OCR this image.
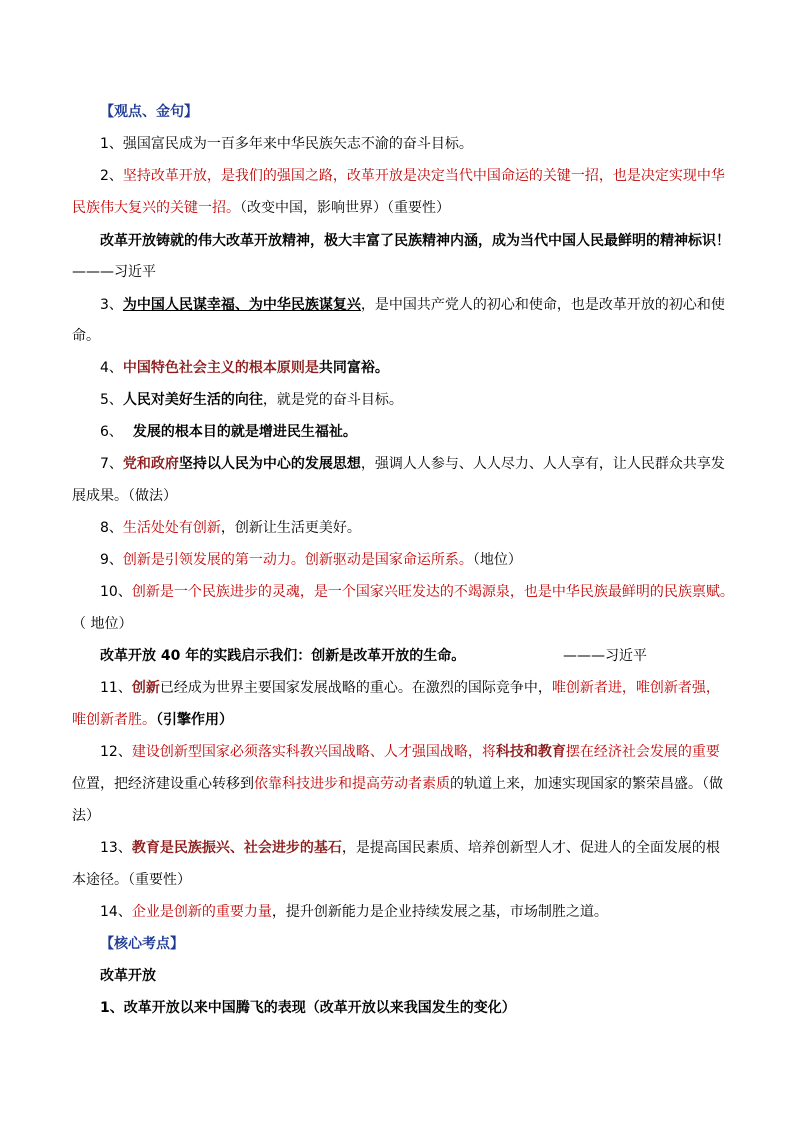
【观点、金句】
1、强国富民成为一百多年来中华民族矢志不渝的奋斗目标。
2、坚持改革开放，是我们的强国之路，改革开放是决定当代中国命运的关键一招，也是决定实现中华
民族伟大复兴的关键一招。（改变中国，影响世界）（重要性）
改革开放铸就的伟大改革开放精神，极大丰富了民族精神内涵，成为当代中国人民最鲜明的精神标识！
———习近平
3、为中国人民谋幸福、为中华民族谋复兴，是中国共产党人的初心和使命，也是改革开放的初心和使
命。
4、中国特色社会主义的根本原则是共同富裕。
5、人民对美好生活的向往，就是党的奋斗目标。
6、 发展的根本目的就是增进民生福祉。
7、党和政府坚持以人民为中心的发展思想，强调人人参与、人人尽力、人人享有，让人民群众共享发
展成果。（做法）
8、生活处处有创新，创新让生活更美好。
9、创新是引领发展的第一动力。创新驱动是国家命运所系。（地位）
10、创新是一个民族进步的灵魂，是一个国家兴旺发达的不竭源泉，也是中华民族最鲜明的民族禀赋。
（ 地位）
改革开放 40 年的实践启示我们：创新是改革开放的生命。	———习近平
11、创新已经成为世界主要国家发展战略的重心。在激烈的国际竞争中，唯创新者进，唯创新者强，
唯创新者胜。（引擎作用）
12、建设创新型国家必须落实科教兴国战略、人才强国战略，将科技和教育摆在经济社会发展的重要
位置，把经济建设重心转移到依靠科技进步和提高劳动者素质的轨道上来，加速实现国家的繁荣昌盛。（做
法）
13、教育是民族振兴、社会进步的基石，是提高国民素质、培养创新型人才、促进人的全面发展的根
本途径。（重要性）
14、企业是创新的重要力量，提升创新能力是企业持续发展之基，市场制胜之道。
【核心考点】
改革开放
1、改革开放以来中国腾飞的表现（改革开放以来我国发生的变化）
